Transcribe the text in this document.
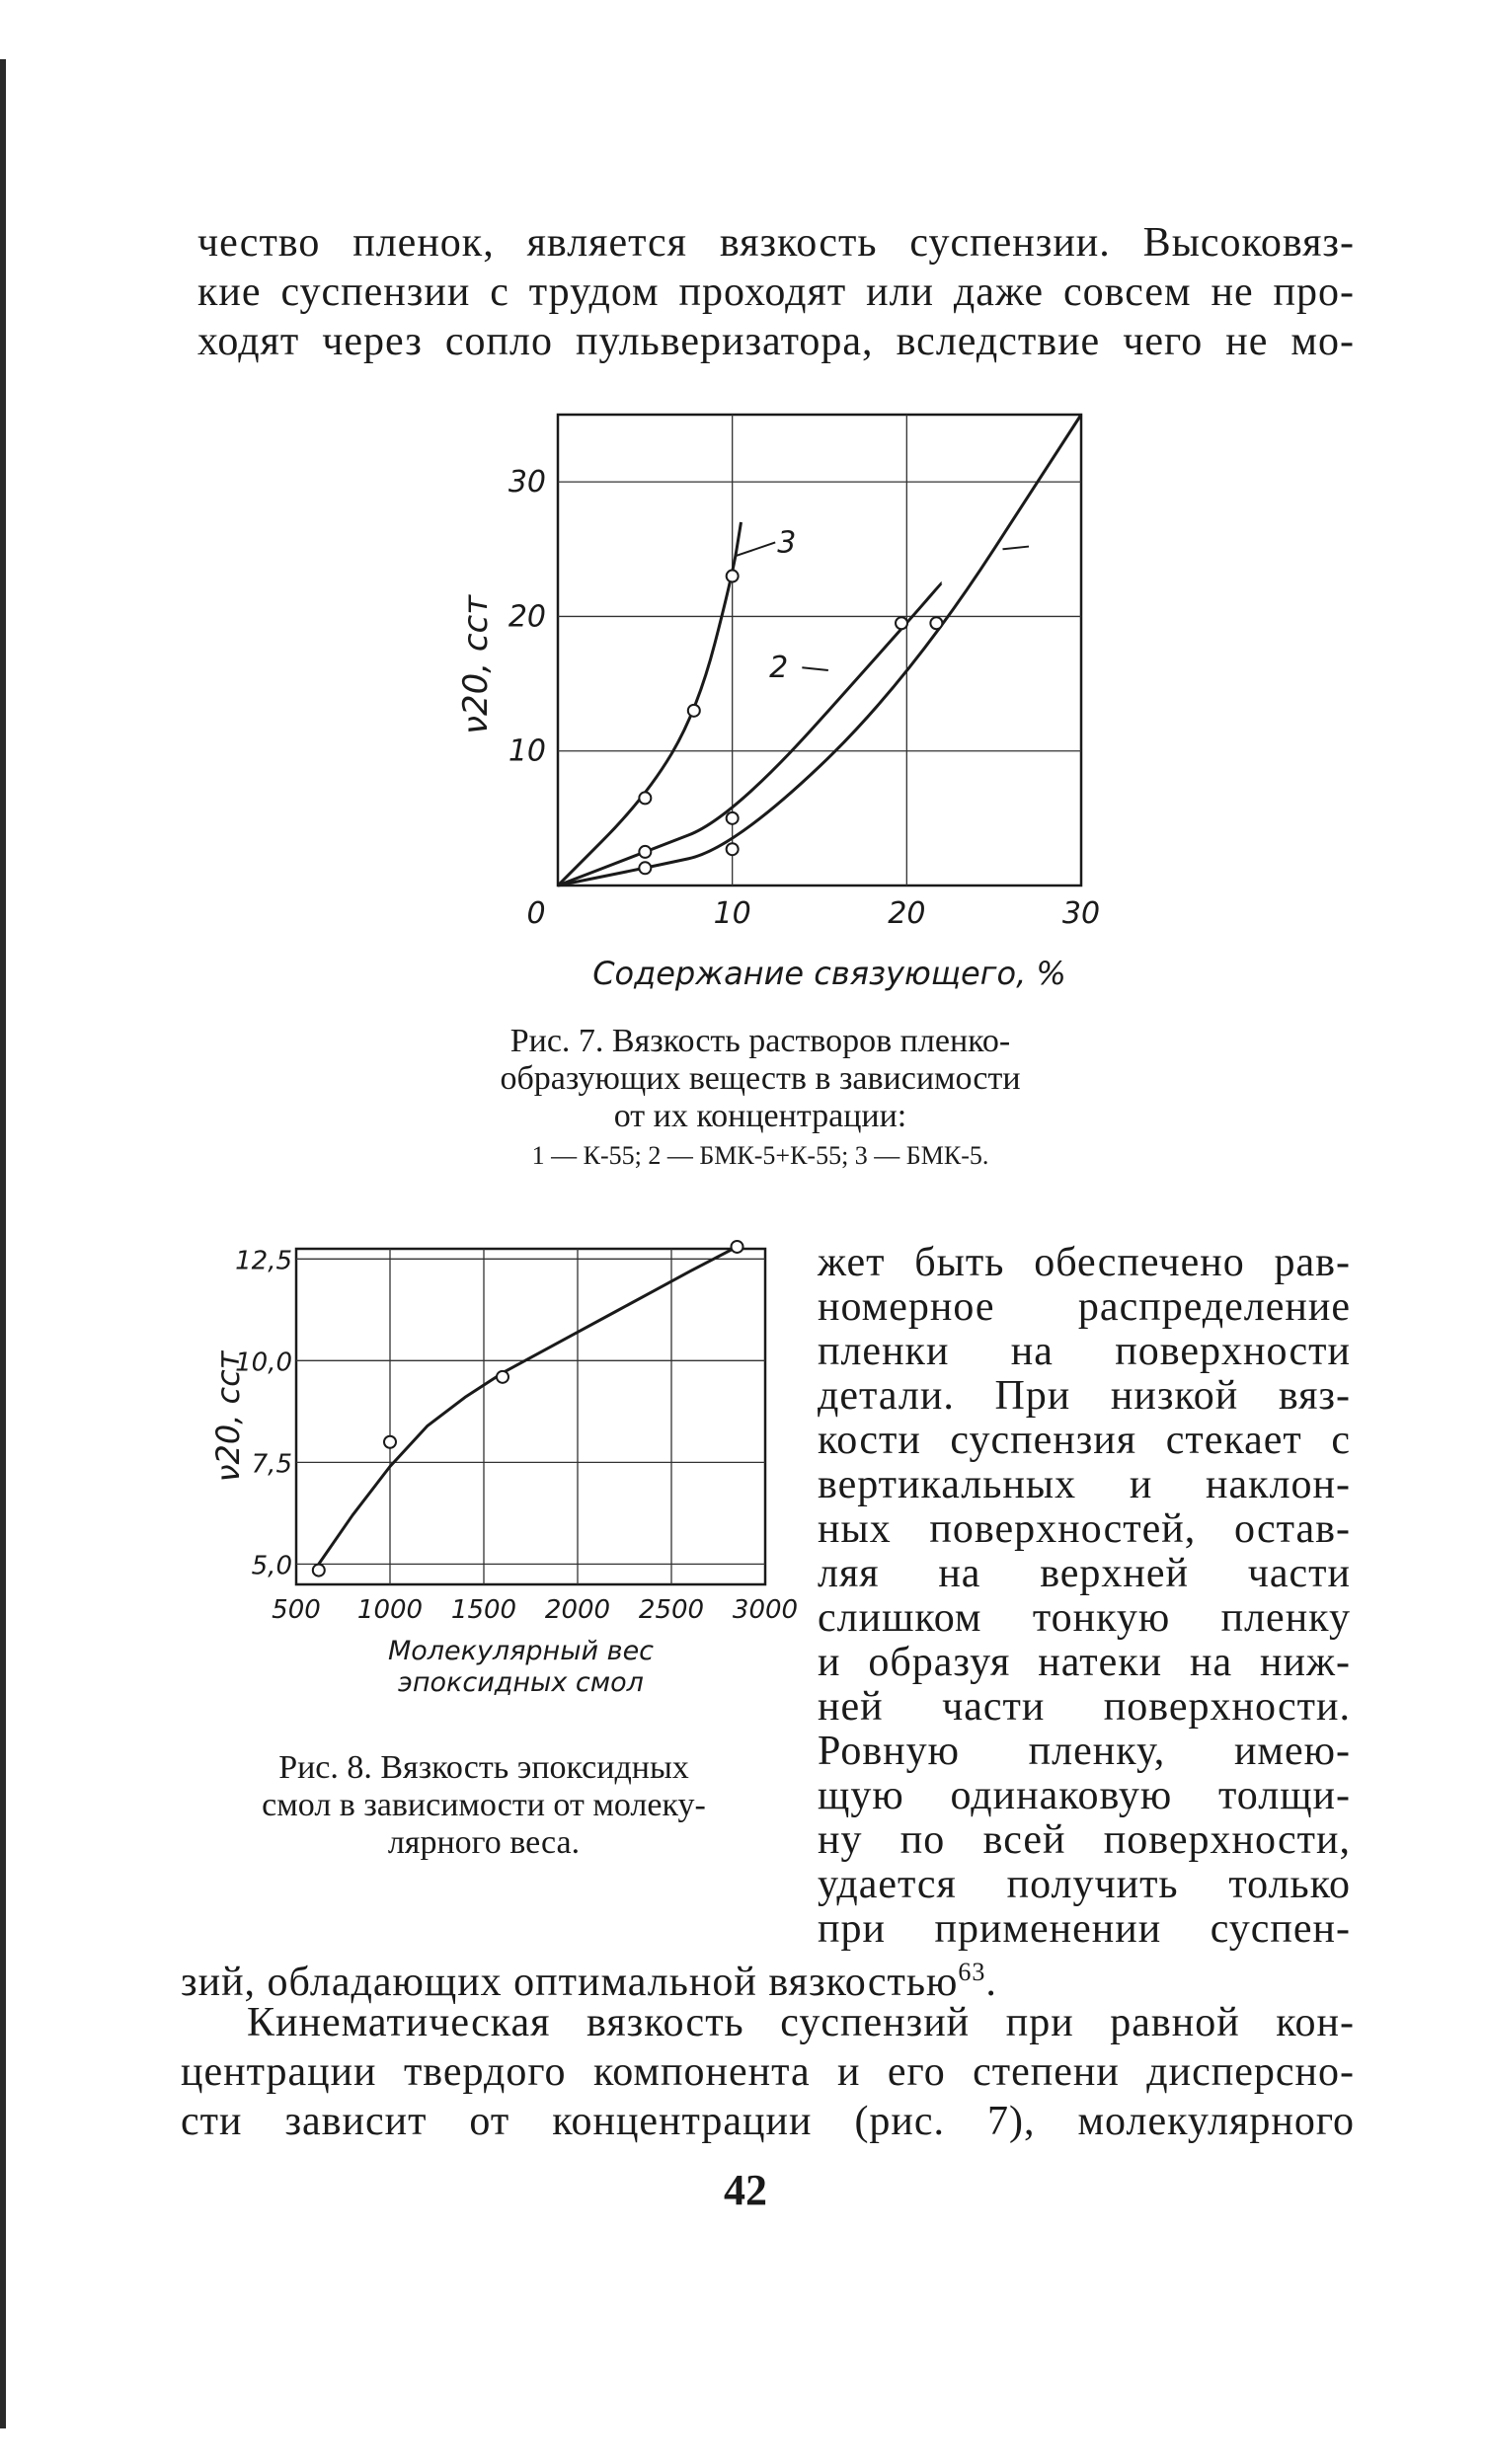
чество пленок, является вязкость суспензии. Высоковяз-
кие суспензии с трудом проходят или даже совсем не про-
ходят через сопло пульверизатора, вследствие чего не мо-
10
20
30
0	10	20	30
Содержание связующего, %
ν20, сст
3
2
Рис. 7. Вязкость растворов пленко-
образующих веществ в зависимости
от их концентрации:
1 — К-55; 2 — БМК-5+К-55; 3 — БМК-5.
5,0
7,5
10,0
12,5
500 1000 1500 2000 2500 3000
Молекулярный вес
эпоксидных смол
ν20, сст
Рис. 8. Вязкость эпоксидных
смол в зависимости от молеку-
лярного веса.
жет быть обеспечено рав-
номерное распределение
пленки на поверхности
детали. При низкой вяз-
кости суспензия стекает с
вертикальных и наклон-
ных поверхностей, остав-
ляя на верхней части
слишком тонкую пленку
и образуя натеки на ниж-
ней части поверхности.
Ровную пленку, имею-
щую одинаковую толщи-
ну по всей поверхности,
удается получить только
при применении суспен-
зий, обладающих оптимальной вязкостью$^{63}$.
Кинематическая вязкость суспензий при равной кон-
центрации твердого компонента и его степени дисперсно-
сти зависит от концентрации (рис. 7), молекулярного
42
